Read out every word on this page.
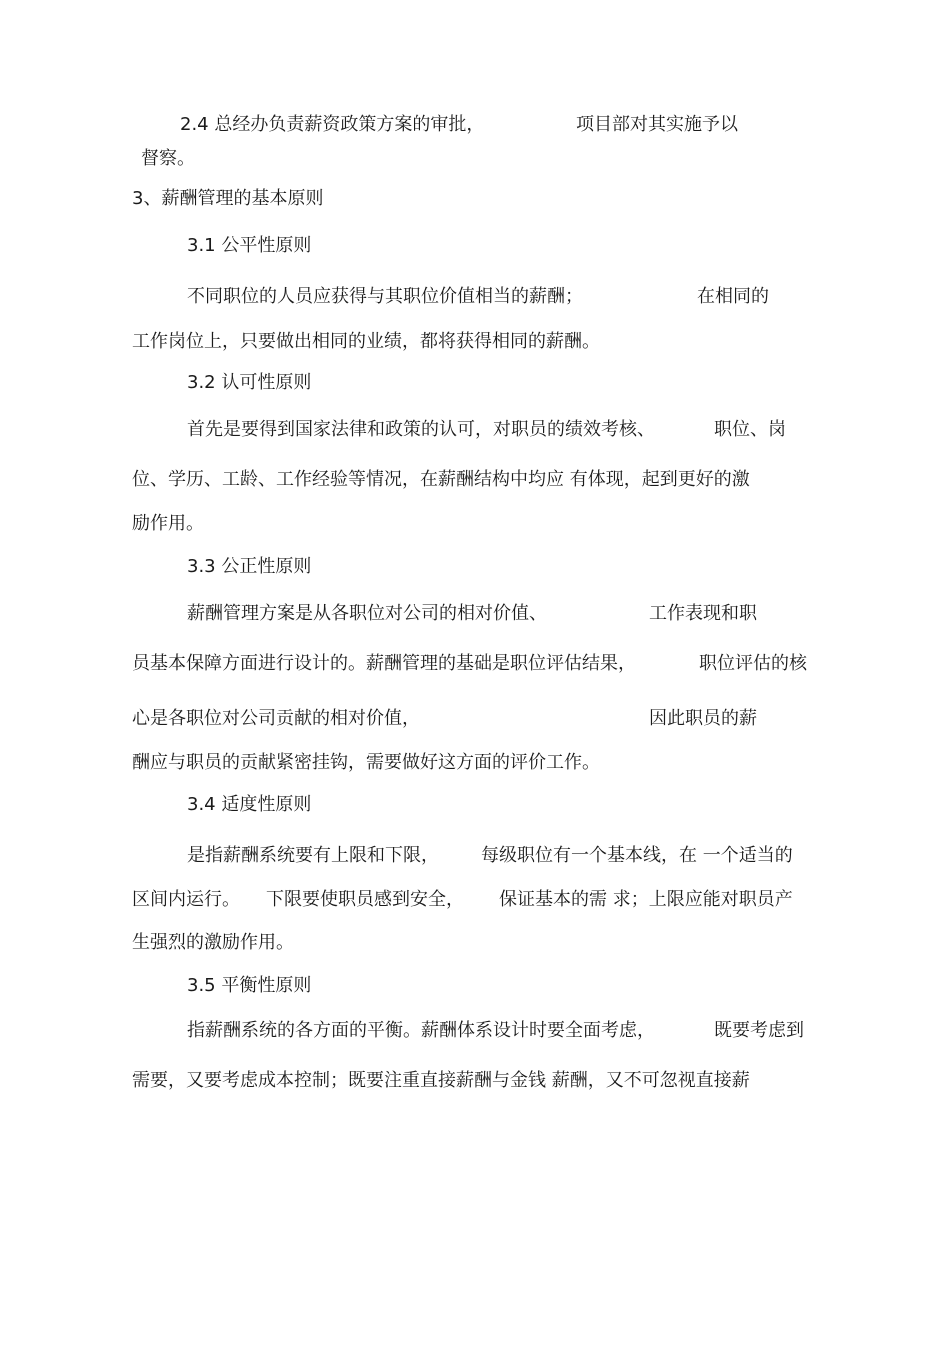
2.4 总经办负责薪资政策方案的审批，	项目部对其实施予以

督察。

3、薪酬管理的基本原则

3.1 公平性原则

不同职位的人员应获得与其职位价值相当的薪酬；	在相同的

工作岗位上，只要做出相同的业绩，都将获得相同的薪酬。

3.2 认可性原则

首先是要得到国家法律和政策的认可，对职员的绩效考核、	职位、岗

位、学历、工龄、工作经验等情况，在薪酬结构中均应 有体现，起到更好的激

励作用。

3.3 公正性原则

薪酬管理方案是从各职位对公司的相对价值、	工作表现和职

员基本保障方面进行设计的。薪酬管理的基础是职位评估结果，	职位评估的核

心是各职位对公司贡献的相对价值，	因此职员的薪

酬应与职员的贡献紧密挂钩，需要做好这方面的评价工作。

3.4 适度性原则

是指薪酬系统要有上限和下限， 每级职位有一个基本线，在 一个适当的

区间内运行。 下限要使职员感到安全， 保证基本的需 求；上限应能对职员产

生强烈的激励作用。

3.5 平衡性原则

指薪酬系统的各方面的平衡。薪酬体系设计时要全面考虑，	既要考虑到

需要，又要考虑成本控制；既要注重直接薪酬与金钱 薪酬，又不可忽视直接薪
